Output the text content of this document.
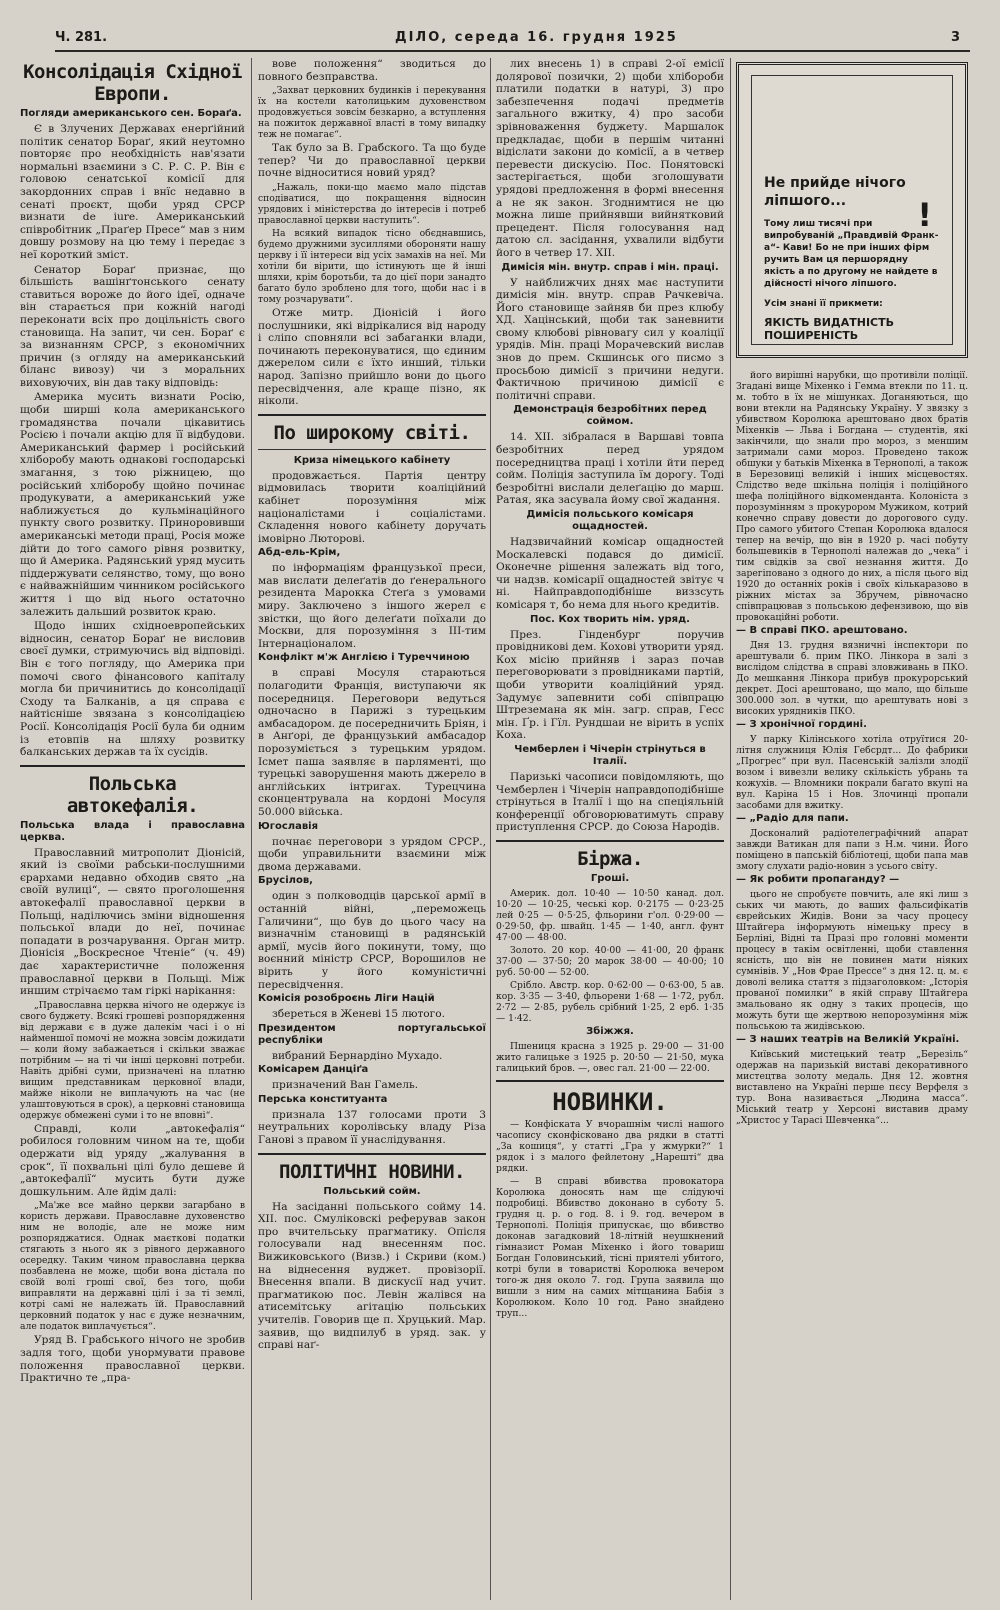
Ч. 281.	ДІЛО, середа 16. грудня 1925	3
Консолідація Східної Европи.
Погляди американського сен. Бораґа.

Є в Злучених Державах енерґійний політик сенатор Бораґ, який неутомно повторяє про необхідність нав'язати нормальні взаємини з С. Р. С. Р. Він є головою сенатської комісії для закордонних справ і внїс недавно в сенаті проєкт, щоби уряд СРСР визнати de iure. Американський співробітник „Праґер Пресе“ мав з ним довшу розмову на цю тему і передає з неї короткий зміст.

Сенатор Бораґ признає, що більшість вашінґтонського сенату ставиться вороже до його ідеї, одначе він старається при кожній нагоді переконати всіх про доцільність свого становища. На запит, чи сен. Бораґ є за визнанням СРСР, з економічних причин (з огляду на американський біланс вивозу) чи з моральних виховуючих, він дав таку відповідь:

Америка мусить визнати Росію, щоби ширші кола американського громадянства почали цікавитись Росією і почали акцію для її відбудови. Американський фармер і російський хліборобу мають однакові господарські змагання, з тою ріжницею, що російський хліборобу щойно починає продукувати, а американський уже наближується до кульмінаційного пункту свого розвитку. Приноровивши американські методи праці, Росія може дійти до того самого рівня розвитку, що й Америка. Радянський уряд мусить піддержувати селянство, тому, що воно є найважнійшим чинником російського життя і що від нього остаточно залежить дальший розвиток краю.

Щодо інших східноевропейських відносин, сенатор Бораґ не висловив своєї думки, стримуючись від відповіді. Він є того погляду, що Америка при помочі свого фінансового капіталу могла би причинитись до консолідації Сходу та Балканів, а ця справа є найтісніше звязана з консолідацією Росії. Консолідація Росії була би одним із етовпів на шляху розвитку балканських держав та їх сусідів.

Польська автокефалія.
Польська влада і православна церква.

Православний митрополит Діонісій, який із своїми рабськи-послушними єрархами недавно обходив свято „на своїй вулиці“, — свято проголошення автокефалії православної церкви в Польщі, наділючись зміни відношення польської влади до неї, починає попадати в розчарування. Орган митр. Діонісія „Воскресное Чтеніе“ (ч. 49) дає характеристичне положення православної церкви в Польщі. Між иншим стрічаємо там гіркі нарікання:

„Православна церква нічого не одержує із свого буджету. Всякі грошеві розпорядження від держави є в дуже далекім часі і о ні найменшої помочі не можна зовсім дожидати — коли йому забажаеться і скільки зважає потрібним — на ті чи інші церковні потреби. Навіть дрібні суми, призначені на платню вищим представникам церковної влади, майже ніколи не виплачують на час (не улаштовуються в срок), а церковні становища одержує обмежені суми і то не вповні“.

Справді, коли „автокефалія“ робилося головним чином на те, щоби одержати від уряду „жалування в срок“, її похвальні цілі було дешеве й „автокефалії“ мусить бути дуже дошкульним. Але йдім далі:

„Ма'же все майно церкви загарбано в користь держави. Православне духовенство ним не володіє, але не може ним розпоряджатися. Однак маєткові податки стягають з нього як з рівного державного осередку. Таким чином православна церква позбавлена не може, щоби вона дістала по своїй волі гроші свої, без того, щоби виправляти на державні цілі і за ті землі, котрі самі не належать їй. Православний церковний податок у нас є дуже незначним, але податок виплачується“.

Уряд В. Грабського нічого не зробив задля того, щоби унормувати правове положення православної церкви. Практично те „пра-

вове положення“ зводиться до повного безправства.

„Захват церковних будинків і перекування їх на костели католицьким духовенством продовжується зовсім безкарно, а вступлення на пожиток державної власті в тому випадку теж не помагає“.

Так було за В. Грабского. Та що буде тепер? Чи до православної церкви почне відноситися новий уряд?

„Нажаль, поки-що маємо мало підстав сподіватися, що покращення відносин урядових і міністерства до інтересів і потреб православної церкви наступить“.

На всякий випадок тісно обєднавшись, будемо дружними зусиллями обороняти нашу церкву і її інтереси від усіх замахів на неї. Ми хотіли би вірити, що істинують ще й інші шляхи, крім боротьби, та до цієї пори занадто багато було зроблено для того, щоби нас і в тому розчарувати“.

Отже митр. Діонісій і його послушники, які відрікалися від народу і сліпо сповняли всі забаганки влади, починають переконуватися, що єдиним джерелом сили є їхто инший, тільки народ. Запізно прийшло вони до цього пересвідчення, але краще пізно, як ніколи.

По широкому світі.
Криза німецького кабінету

продовжається. Партія центру відмовилась творити коаліційний кабінет порозуміння між націоналістами і соціалістами. Складення нового кабінету доручать імовірно Люторові.

Абд-ель-Крім,

по інформаціям французької преси, мав вислати делеґатів до ґенерального резидента Марокка Стеґа з умовами миру. Заключено з іншого жерел є звістки, що його делеґати поїхали до Москви, для порозуміння з III-тим Інтернаціоналом.

Конфлікт м'ж Англією і Туреччиною

в справі Мосуля стараються полагодити Франція, виступаючи як посередниця. Переговори ведуться одночасно в Парижі з турецьким амбасадором. де посередничить Бріян, і в Анґорі, де французький амбасадор порозуміється з турецьким урядом. Ісмет паша заявляє в парляменті, що турецькі заворушення мають джерело в англійських інтригах. Турецчина сконцентрувала на кордоні Мосуля 50.000 війська.

Югославія

почнає переговори з урядом СРСР., щоби управильнити взаємини між двома державами.

Брусілов,

один з полководців царської армії в останній війні, „переможець Галичини“, що був до цього часу на визначнім становищі в радянській армії, мусів його покинути, тому, що воєнний міністр СРСР, Ворошилов не вірить у його комуністичні пересвідчення.

Комісія розоброєнь Ліги Націй

збереться в Женеві 15 лютого.

Президентом португальської республіки

вибраний Бернардіно Мухадо.

Комісарем Данціґа

призначений Ван Гамель.

Перська конституанта

признала 137 голосами проти 3 неутральних королівську владу Різа Ганові з правом її унаслідування.

ПОЛІТИЧНІ НОВИНИ.
Польський сойм.

На засіданні польського сойму 14. XII. пос. Смуліковскі реферував закон про вчительську прагматику. Опісля голосували над внесенням пос. Вижиковського (Визв.) і Скриви (ком.) на віднесення вуджет. провізорії. Внесення впали. В дискусії над учит. прагматикою пос. Левін жалівся на атисемітську агітацію польських учителів. Говорив ще п. Хруцький. Мар. заявив, що видпилуб в уряд. зак. у справі наґ-

лих внесень 1) в справі 2-ої емісії долярової позички, 2) щоби хлібороби платили податки в натурі, 3) про забезпечення подачі предметів загального вжитку, 4) про засоби зрівноваження буджету. Маршалок предкладає, щоби в першім читанні відіслати закони до комісії, а в четвер перевести дискусію. Пос. Понятовскі застерігається, щоби зголошувати урядові предложення в формі внесення а не як закон. Згоднимтися не цю можна лише прийнявши вийнятковий прецедент. Після голосування над датою сл. засідання, ухвалили відбути його в четвер 17. XII.

Димісія мін. внутр. справ і мін. праці.

У найближчих днях має наступити димісія мін. внутр. справ Рачкевіча. Його становище зайняв би през клюбу ХД. Хацінський, щоби так заневнити свому клюбові рівновагу сил у коаліції урядів. Мін. праці Морачевский вислав знов до прем. Скшинськ ого писмо з просьбою димісії з причини недуги. Фактичною причиною димісії є політичні справи.

Демонстрація безробітних перед соймом.

14. XII. зібралася в Варшаві товпа безробітних перед урядом посередництва праці і хотіли йти перед сойм. Поліція заступила їм дорогу. Тоді безробітні вислали делеґацію до марш. Ратая, яка засувала йому свої жадання.

Димісія польського комісаря ощадностей.

Надзвичайний комісар ощадностей Москалевскі подався до димісії. Оконечне рішення залежать від того, чи надзв. комісарії ощадностей звітує ч ні. Найправдоподібніше виззсуть комісаря т, бо нема для нього кредитів.

Пос. Кох творить нім. уряд.

През. Гінденбург поручив провідникові дем. Кохові утворити уряд. Кох місію прийняв і зараз почав переговорювати з провідниками партій, щоби утворити коаліційний уряд. Задумує запевнити собі співпрацю Штреземана як мін. загр. справ, Гесс мін. Ґр. і Гїл. Рундшаи не вірить в успіх Коха.

Чемберлен і Чічерін стрінуться в Італії.

Паризькі часописи повідомляють, що Чемберлен і Чічерін направдоподібніше стрінуться в Італії і що на спеціяльній конференції обговорюватимуть справу приступлення СРСР. до Союза Народів.

Біржа.
Гроші.

Америк. дол. 10·40 — 10·50 канад. дол. 10·20 — 10·25, чеські кор. 0·2175 — 0·23·25 лей 0·25 — 0·5·25, фльорини г'ол. 0·29·00 — 0·29·50, фр. швайц. 1·45 — 1·40, англ. фунт 47·00 — 48·00.

Золото. 20 кор. 40·00 — 41·00, 20 франк 37·00 — 37·50; 20 марок 38·00 — 40·00; 10 руб. 50·00 — 52·00.

Срібло. Австр. кор. 0·62·00 — 0·63·00, 5 ав. кор. 3·35 — 3·40, фльорени 1·68 — 1·72, рубл. 2·72 — 2·85, рубель срібний 1·25, 2 ерб. 1·35 — 1·42.

Збіжжя.

Пшениця красна з 1925 р. 29·00 — 31·00 жито галицьке з 1925 р. 20·50 — 21·50, мука галицький бров. —, овес гал. 21·00 — 22·00.

НОВИНКИ.

— Конфіската У вчорашнім числі нашого часопису сконфісковано два рядки в статті „За кошиця“, у статті „Гра у жмурки?“ 1 рядок і з малого фейлетону „Нарешті“ два рядки.

— В справі вбивства провокатора Королюка доносять нам ще слідуючі подробиці. Вбивство доконано в суботу 5. грудня ц. р. о год. 8. і 9. год. вечером в Тернополі. Поліція припускає, що вбивство доконав загадковий 18-літній неушкнений гімназист Роман Міхенко і його товариш Богдан Головинський, тісні приятелі убитого, котрі були в товаристві Королюка вечером того-ж дня около 7. год. Група заявила що вишли з ним на самих мітщанина Бабія з Королюком. Коло 10 год. Рано знайдено труп...

Не прийде нічого ліпшого...
Тому лиш тисячі при випробуваній „Правдивій Франк-а“- Кави! Бо не при інших фірм ручить Вам ця першорядну якість а по другому не найдете в дійсності нічого ліпшого.
Усім знані її прикмети:
ЯКІСТЬ ВИДАТНІСТЬ ПОШИРЕНІСТЬ
!

його вирішні нарубки, що противіли поліції. Згадані вище Міхенко і Гемма втекли по 11. ц. м. тобто в їх не мішунках. Доганяються, що вони втекли на Радянську Україну. У звязку з убивством Королюка арештовано двох братів Міхенків — Льва і Богдана — студентів, які закінчили, що знали про мороз, з меншим затримали сами мороз. Проведено також обшуки у батьків Міхенка в Тернополі, а також в Березовиці великій і інших місцевостях. Слідство веде шкільна поліція і поліційного шефа поліційного відкоменданта. Колоніста з порозумінням з прокурором Мужиком, котрий конечно справу довести до дорогового суду. Про самого убитого Степан Королюка вдалося тепер на вечір, що він в 1920 р. часі побуту большевиків в Тернополі належав до „чека“ і тим свідків за свої незнання життя. До зарегіповано з одного до них, а після цього від 1920 до останніх років і своїх кількаразово в ріжних містах за Збручем, рівночасно співпрацював з польською дефензивою, що вів провокаційні роботи.

— В справі ПКО. арештовано.

Дня 13. грудня вязничні інспектори по арештували б. прим ПКО. Лінкора в залі з вислідом слідства в справі зловживань в ПКО. До мешкання Лінкора прибув прокурорський декрет. Досі арештовано, що мало, що більше 300.000 зол. в чутки, що арештувать нові з високих урядників ПКО.

— З хронічної гордині.

У парку Кілінського хотіла отруїтися 20-літня служниця Юлія Гебсрдт... До фабрики „Прогрес“ при вул. Пасенській залізли злодії возом і вивезли велику скількість убрань та кожухів. — Вломники покрали багато вкупі на вул. Каріна 15 і Нов. Злочинці пропали засобами для вжитку.

— „Радіо для папи.

Досконалий радіотелеграфічний апарат завжди Ватикан для папи з Н.м. чини. Його поміщено в папській бібліотеці, щоби папа мав змогу слухати радіо-новин з усього світу.

— Як робити пропаганду? —

цього не спробуєте повчить, але які лиш з ських чи мають, до ваших фальсифікатів єврейських Жидів. Вони за часу процесу Штайгера інформують німецьку пресу в Берліні, Відні та Празі про головні моменти процесу в такім освітленні, щоби ставлення ясність, що він не повинен мати ніяких сумнівів. У „Нов Фрае Прессе“ з дня 12. ц. м. є доволі велика стаття з підзаголовком: „Історія прованої помилки“ в якій справу Штайгера змальовано як одну з таких процесів, що можуть бути ще жертвою непорозуміння між польською та жидівською.

— З наших театрів на Великій Україні.

Київський мистецький театр „Березіль“ одержав на паризькій виставі декоративного мистецтва золоту медаль. Дня 12. жовтня виставлено на Україні перше пєсу Верфеля з тур. Вона називається „Людина масса“. Міський театр у Херсоні виставив драму „Христос у Тарасі Шевченка“...
